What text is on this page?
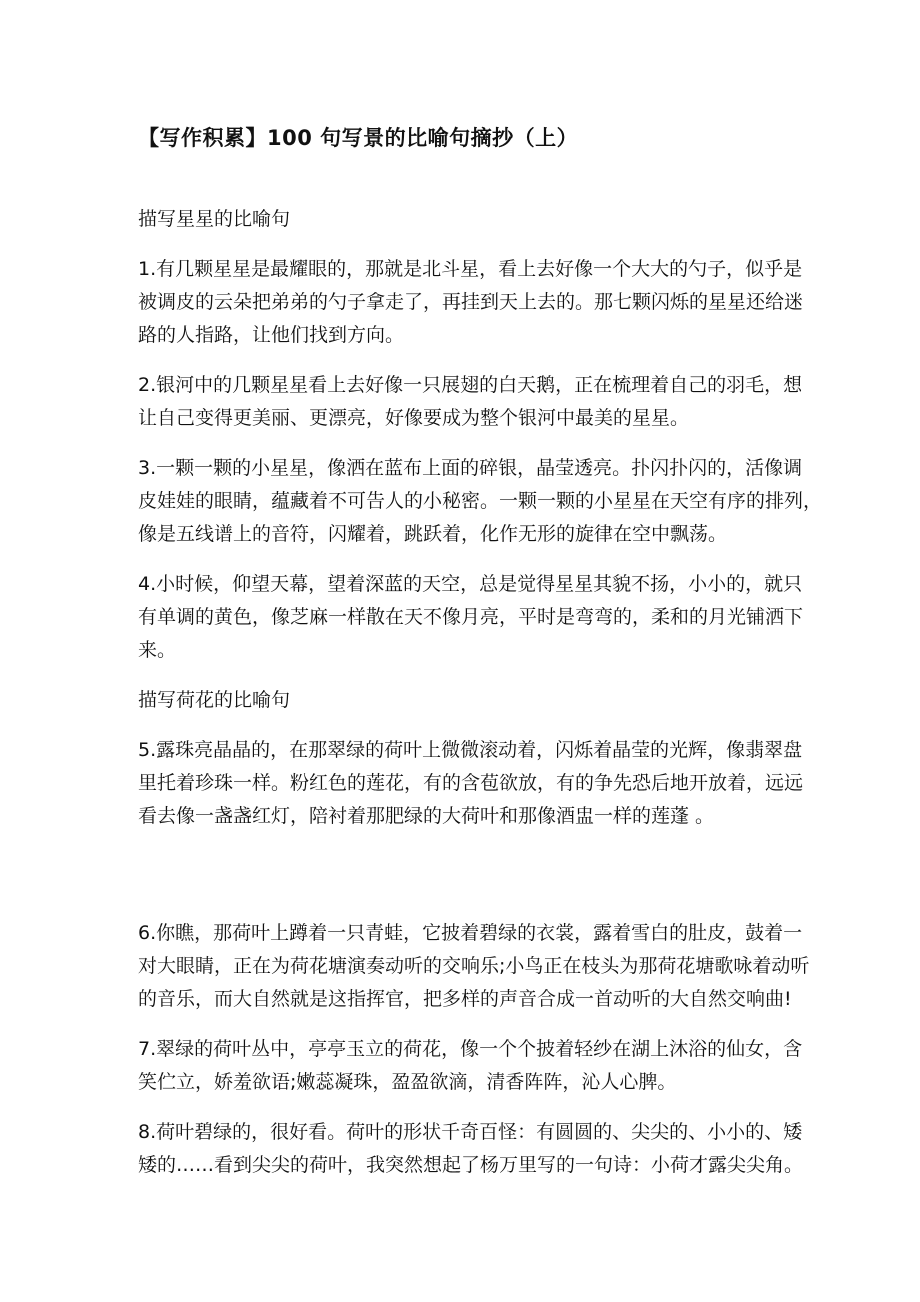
【写作积累】100 句写景的比喻句摘抄（上）
描写星星的比喻句
1.有几颗星星是最耀眼的，那就是北斗星，看上去好像一个大大的勺子，似乎是
被调皮的云朵把弟弟的勺子拿走了，再挂到天上去的。那七颗闪烁的星星还给迷
路的人指路，让他们找到方向。
2.银河中的几颗星星看上去好像一只展翅的白天鹅，正在梳理着自己的羽毛，想
让自己变得更美丽、更漂亮，好像要成为整个银河中最美的星星。
3.一颗一颗的小星星，像洒在蓝布上面的碎银，晶莹透亮。扑闪扑闪的，活像调
皮娃娃的眼睛，蕴藏着不可告人的小秘密。一颗一颗的小星星在天空有序的排列，
像是五线谱上的音符，闪耀着，跳跃着，化作无形的旋律在空中飘荡。
4.小时候，仰望天幕，望着深蓝的天空，总是觉得星星其貌不扬，小小的，就只
有单调的黄色，像芝麻一样散在天不像月亮，平时是弯弯的，柔和的月光铺洒下
来。
描写荷花的比喻句
5.露珠亮晶晶的，在那翠绿的荷叶上微微滚动着，闪烁着晶莹的光辉，像翡翠盘
里托着珍珠一样。粉红色的莲花，有的含苞欲放，有的争先恐后地开放着，远远
看去像一盏盏红灯，陪衬着那肥绿的大荷叶和那像酒盅一样的莲蓬 。
6.你瞧，那荷叶上蹲着一只青蛙，它披着碧绿的衣裳，露着雪白的肚皮，鼓着一
对大眼睛，正在为荷花塘演奏动听的交响乐;小鸟正在枝头为那荷花塘歌咏着动听
的音乐，而大自然就是这指挥官，把多样的声音合成一首动听的大自然交响曲!
7.翠绿的荷叶丛中，亭亭玉立的荷花，像一个个披着轻纱在湖上沐浴的仙女，含
笑伫立，娇羞欲语;嫩蕊凝珠，盈盈欲滴，清香阵阵，沁人心脾。
8.荷叶碧绿的，很好看。荷叶的形状千奇百怪：有圆圆的、尖尖的、小小的、矮
矮的……看到尖尖的荷叶，我突然想起了杨万里写的一句诗：小荷才露尖尖角。
